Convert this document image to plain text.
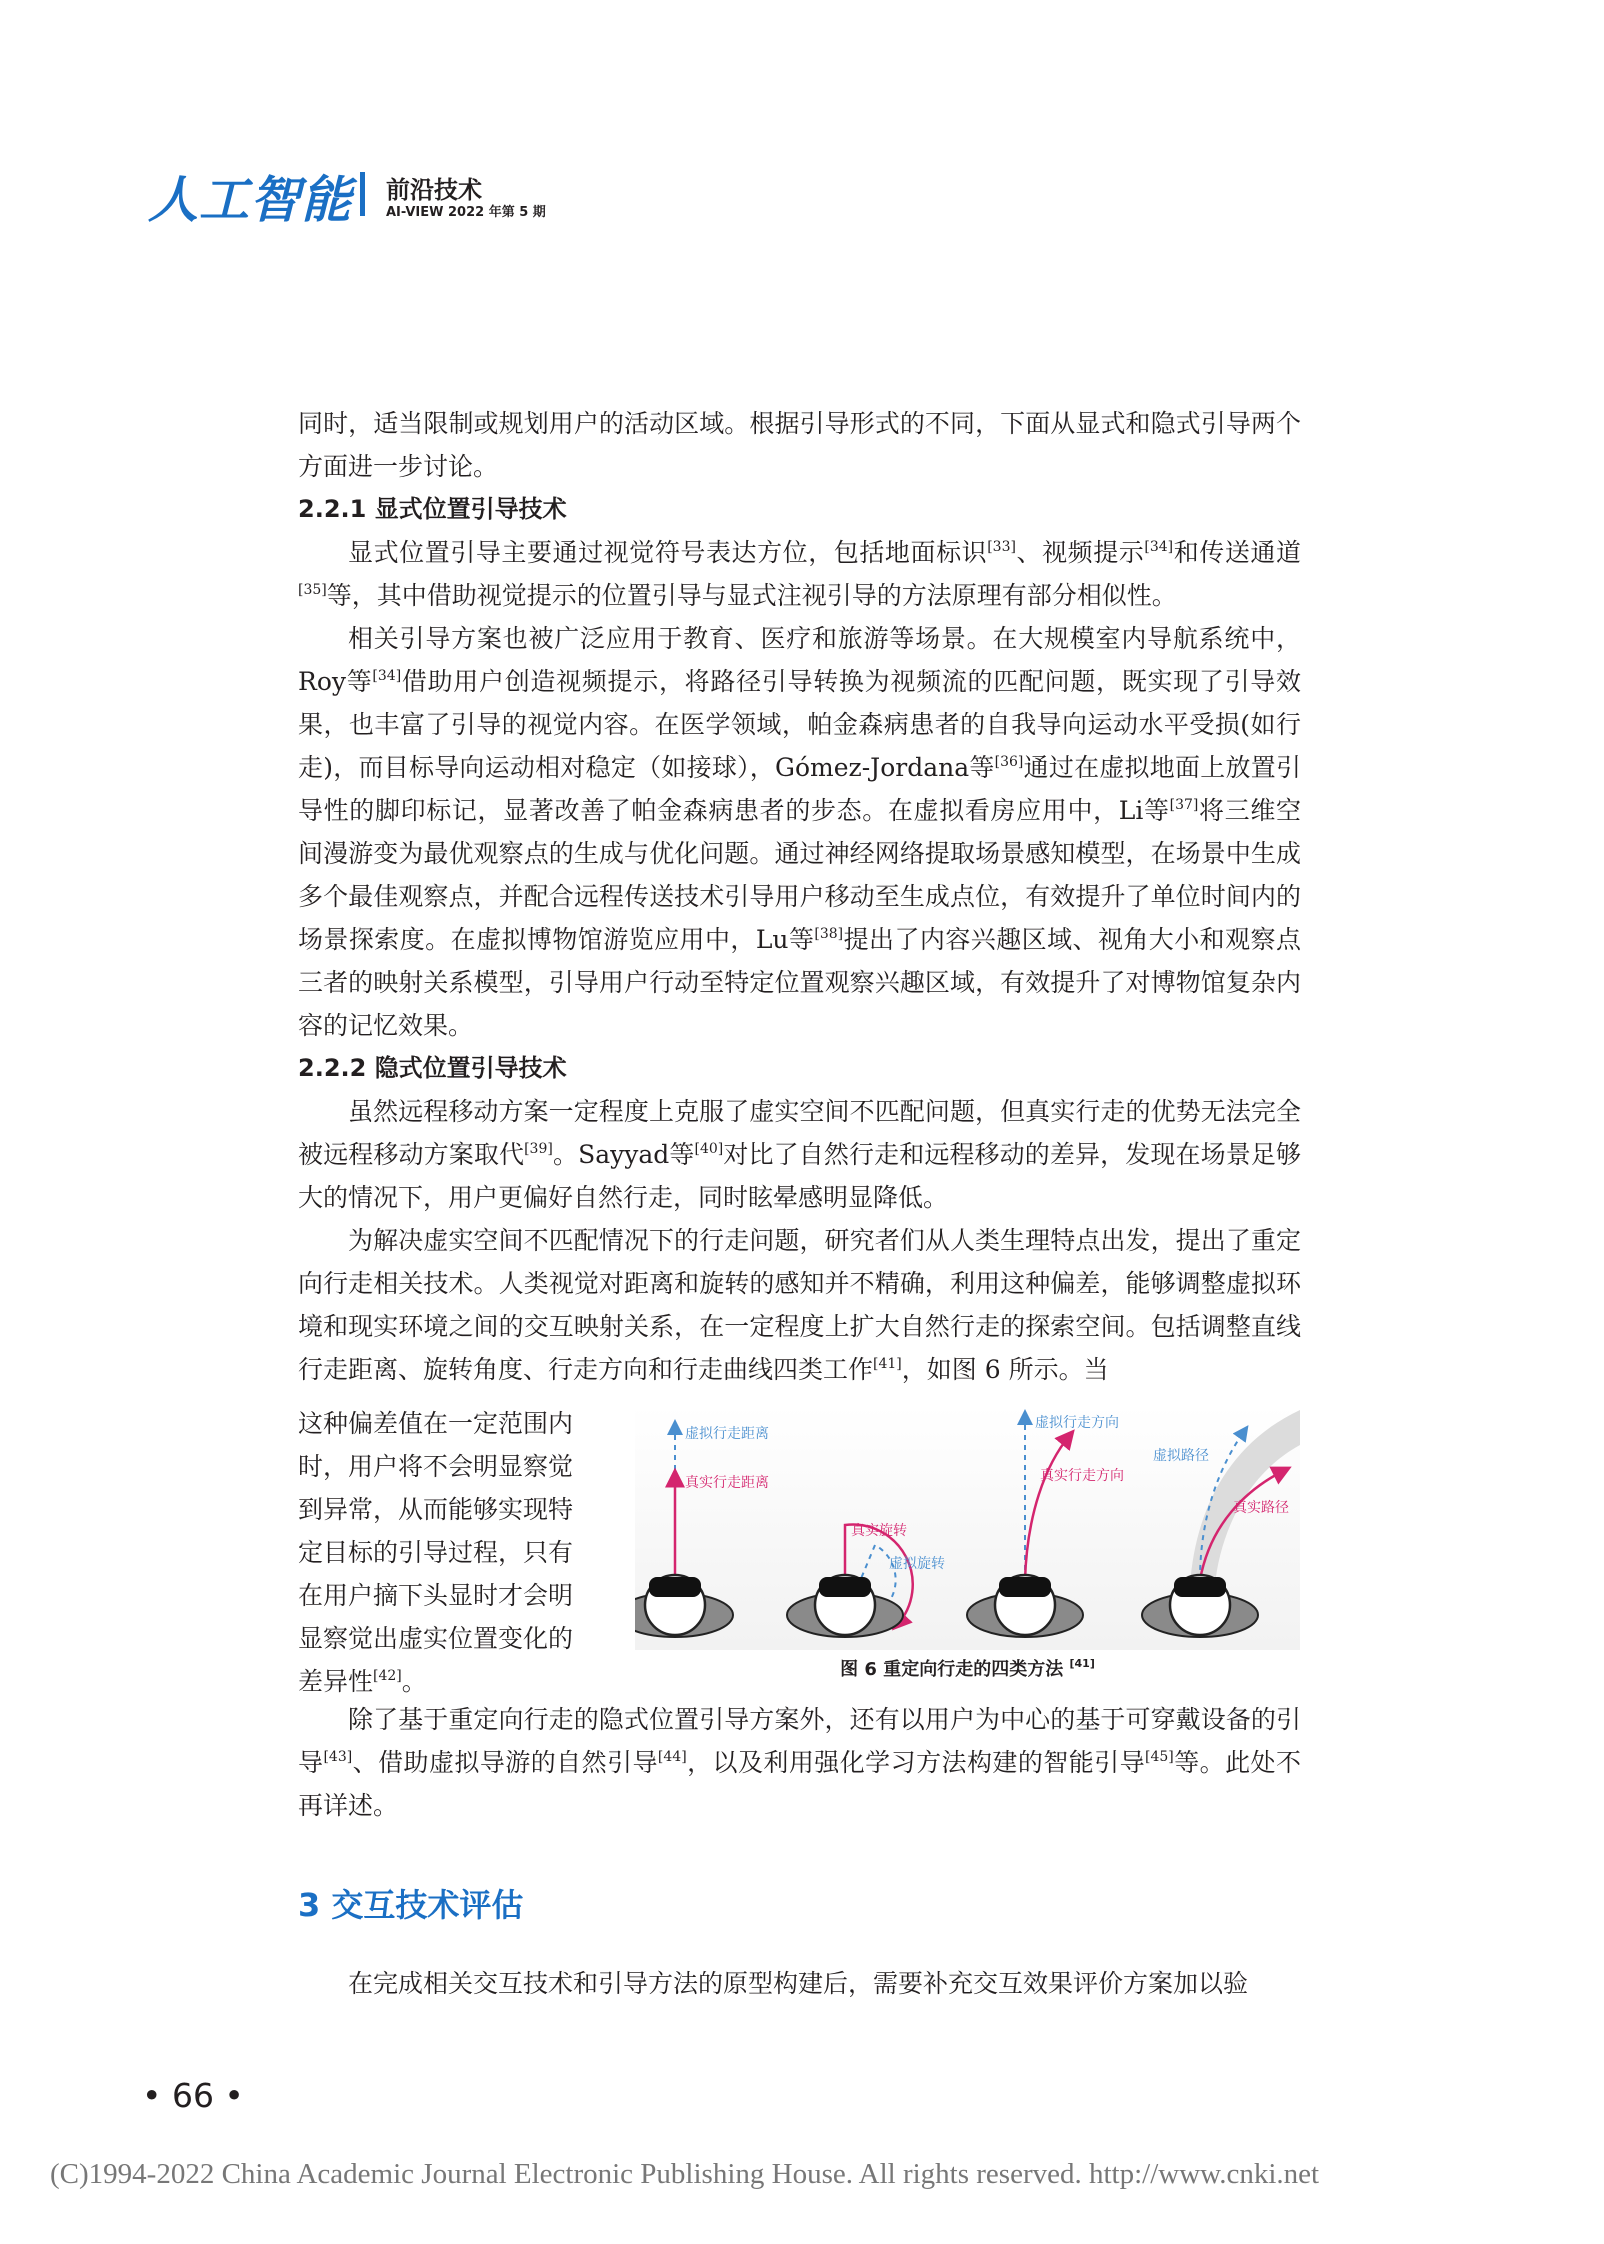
人工智能 前沿技术
AI-VIEW 2022 年第 5 期

同时，适当限制或规划用户的活动区域。根据引导形式的不同，下面从显式和隐式引导两个方面进一步讨论。

2.2.1 显式位置引导技术

显式位置引导主要通过视觉符号表达方位，包括地面标识[33]、视频提示[34]和传送通道[35]等，其中借助视觉提示的位置引导与显式注视引导的方法原理有部分相似性。

相关引导方案也被广泛应用于教育、医疗和旅游等场景。在大规模室内导航系统中，Roy等[34]借助用户创造视频提示，将路径引导转换为视频流的匹配问题，既实现了引导效果，也丰富了引导的视觉内容。在医学领域，帕金森病患者的自我导向运动水平受损(如行走)，而目标导向运动相对稳定（如接球），Gómez-Jordana等[36]通过在虚拟地面上放置引导性的脚印标记，显著改善了帕金森病患者的步态。在虚拟看房应用中，Li等[37]将三维空间漫游变为最优观察点的生成与优化问题。通过神经网络提取场景感知模型，在场景中生成多个最佳观察点，并配合远程传送技术引导用户移动至生成点位，有效提升了单位时间内的场景探索度。在虚拟博物馆游览应用中，Lu等[38]提出了内容兴趣区域、视角大小和观察点三者的映射关系模型，引导用户行动至特定位置观察兴趣区域，有效提升了对博物馆复杂内容的记忆效果。

2.2.2 隐式位置引导技术

虽然远程移动方案一定程度上克服了虚实空间不匹配问题，但真实行走的优势无法完全被远程移动方案取代[39]。Sayyad等[40]对比了自然行走和远程移动的差异，发现在场景足够大的情况下，用户更偏好自然行走，同时眩晕感明显降低。

为解决虚实空间不匹配情况下的行走问题，研究者们从人类生理特点出发，提出了重定向行走相关技术。人类视觉对距离和旋转的感知并不精确，利用这种偏差，能够调整虚拟环境和现实环境之间的交互映射关系，在一定程度上扩大自然行走的探索空间。包括调整直线行走距离、旋转角度、行走方向和行走曲线四类工作[41]，如图 6 所示。当

这种偏差值在一定范围内
时，用户将不会明显察觉
到异常，从而能够实现特
定目标的引导过程，只有
在用户摘下头显时才会明
显察觉出虚实位置变化的
差异性[42]。
虚拟行走距离
真实行走距离
真实旋转
虚拟旋转
虚拟行走方向
真实行走方向
虚拟路径
真实路径
图 6 重定向行走的四类方法 [41]

除了基于重定向行走的隐式位置引导方案外，还有以用户为中心的基于可穿戴设备的引导[43]、借助虚拟导游的自然引导[44]，以及利用强化学习方法构建的智能引导[45]等。此处不再详述。

3 交互技术评估

在完成相关交互技术和引导方法的原型构建后，需要补充交互效果评价方案加以验

• 66 •
(C)1994-2022 China Academic Journal Electronic Publishing House. All rights reserved. http://www.cnki.net
